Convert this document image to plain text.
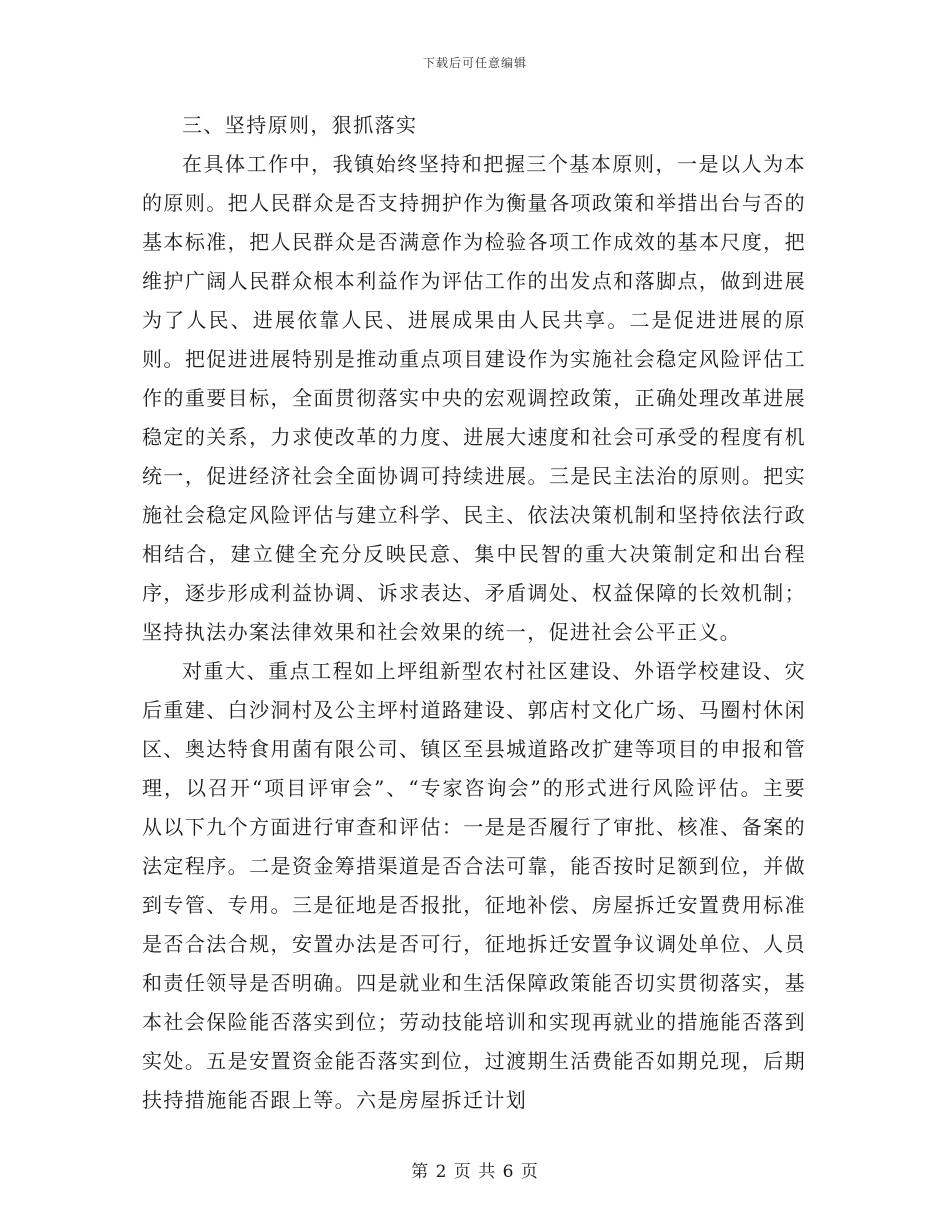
下载后可任意编辑

三、坚持原则，狠抓落实

在具体工作中，我镇始终坚持和把握三个基本原则，一是以人为本的原则。把人民群众是否支持拥护作为衡量各项政策和举措出台与否的基本标准，把人民群众是否满意作为检验各项工作成效的基本尺度，把维护广阔人民群众根本利益作为评估工作的出发点和落脚点，做到进展为了人民、进展依靠人民、进展成果由人民共享。二是促进进展的原则。把促进进展特别是推动重点项目建设作为实施社会稳定风险评估工作的重要目标，全面贯彻落实中央的宏观调控政策，正确处理改革进展稳定的关系，力求使改革的力度、进展大速度和社会可承受的程度有机统一，促进经济社会全面协调可持续进展。三是民主法治的原则。把实施社会稳定风险评估与建立科学、民主、依法决策机制和坚持依法行政相结合，建立健全充分反映民意、集中民智的重大决策制定和出台程序，逐步形成利益协调、诉求表达、矛盾调处、权益保障的长效机制；坚持执法办案法律效果和社会效果的统一，促进社会公平正义。

对重大、重点工程如上坪组新型农村社区建设、外语学校建设、灾后重建、白沙洞村及公主坪村道路建设、郭店村文化广场、马圈村休闲区、奥达特食用菌有限公司、镇区至县城道路改扩建等项目的申报和管理，以召开“项目评审会”、“专家咨询会”的形式进行风险评估。主要从以下九个方面进行审查和评估：一是是否履行了审批、核准、备案的法定程序。二是资金筹措渠道是否合法可靠，能否按时足额到位，并做到专管、专用。三是征地是否报批，征地补偿、房屋拆迁安置费用标准是否合法合规，安置办法是否可行，征地拆迁安置争议调处单位、人员和责任领导是否明确。四是就业和生活保障政策能否切实贯彻落实，基本社会保险能否落实到位；劳动技能培训和实现再就业的措施能否落到实处。五是安置资金能否落实到位，过渡期生活费能否如期兑现，后期扶持措施能否跟上等。六是房屋拆迁计划

第 2 页 共 6 页
